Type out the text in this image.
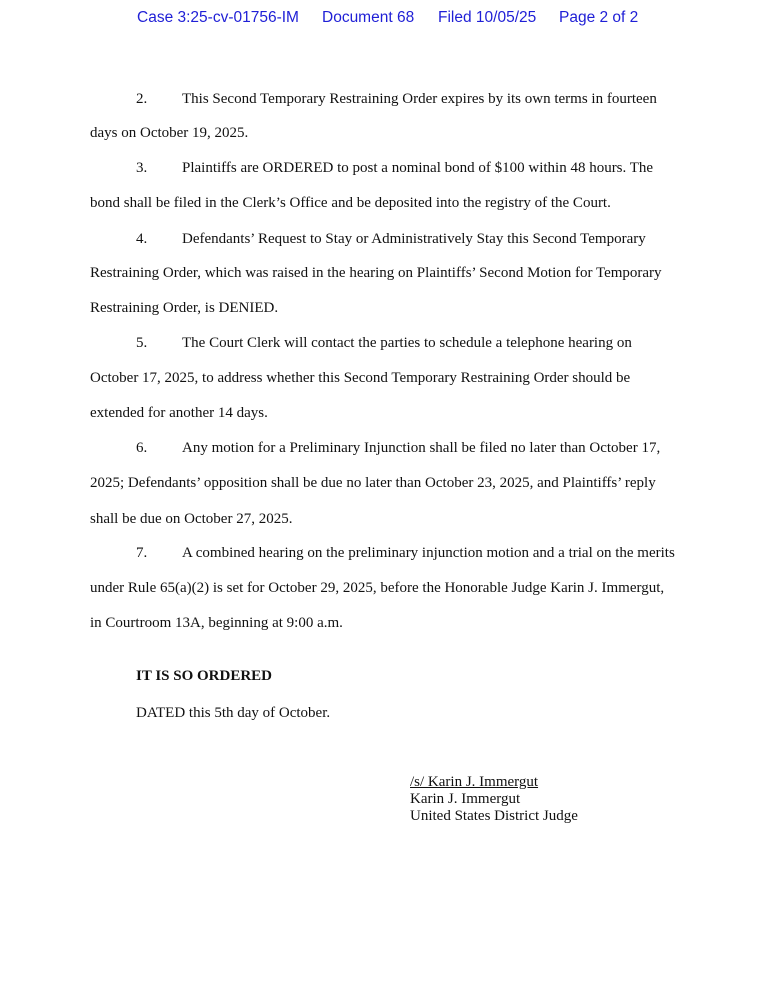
Case 3:25-cv-01756-IM Document 68 Filed 10/05/25 Page 2 of 2
2. This Second Temporary Restraining Order expires by its own terms in fourteen
days on October 19, 2025.
3. Plaintiffs are ORDERED to post a nominal bond of $100 within 48 hours. The
bond shall be filed in the Clerk’s Office and be deposited into the registry of the Court.
4. Defendants’ Request to Stay or Administratively Stay this Second Temporary
Restraining Order, which was raised in the hearing on Plaintiffs’ Second Motion for Temporary
Restraining Order, is DENIED.
5. The Court Clerk will contact the parties to schedule a telephone hearing on
October 17, 2025, to address whether this Second Temporary Restraining Order should be
extended for another 14 days.
6. Any motion for a Preliminary Injunction shall be filed no later than October 17,
2025; Defendants’ opposition shall be due no later than October 23, 2025, and Plaintiffs’ reply
shall be due on October 27, 2025.
7. A combined hearing on the preliminary injunction motion and a trial on the merits
under Rule 65(a)(2) is set for October 29, 2025, before the Honorable Judge Karin J. Immergut,
in Courtroom 13A, beginning at 9:00 a.m.
IT IS SO ORDERED
DATED this 5th day of October.
/s/ Karin J. Immergut
Karin J. Immergut
United States District Judge
